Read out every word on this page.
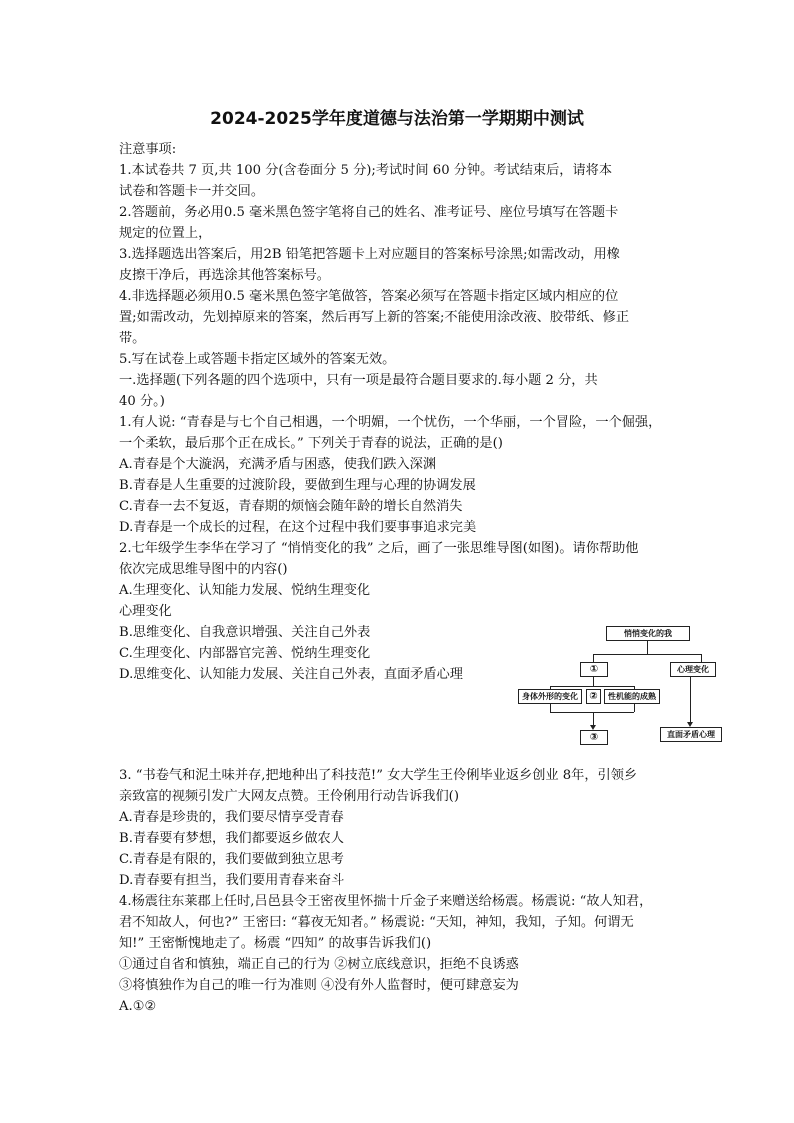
2024-2025学年度道德与法治第一学期期中测试
注意事项:
1.本试卷共 7 页,共 100 分(含卷面分 5 分);考试时间 60 分钟。考试结束后，请将本
试卷和答题卡一并交回。
2.答题前，务必用0.5 毫米黑色签字笔将自己的姓名、准考证号、座位号填写在答题卡
规定的位置上，
3.选择题选出答案后，用2B 铅笔把答题卡上对应题目的答案标号涂黑;如需改动，用橡
皮擦干净后，再选涂其他答案标号。
4.非选择题必须用0.5 毫米黑色签字笔做答，答案必须写在答题卡指定区域内相应的位
置;如需改动，先划掉原来的答案，然后再写上新的答案;不能使用涂改液、胶带纸、修正
带。
5.写在试卷上或答题卡指定区域外的答案无效。
一.选择题(下列各题的四个选项中，只有一项是最符合题目要求的.每小题 2 分，共
40 分。)
1.有人说: “青春是与七个自己相遇，一个明媚，一个忧伤，一个华丽，一个冒险，一个倔强，
一个柔软，最后那个正在成长。” 下列关于青春的说法，正确的是()
A.青春是个大漩涡，充满矛盾与困惑，使我们跌入深渊
B.青春是人生重要的过渡阶段，要做到生理与心理的协调发展
C.青春一去不复返，青春期的烦恼会随年龄的增长自然消失
D.青春是一个成长的过程，在这个过程中我们要事事追求完美
2.七年级学生李华在学习了 “悄悄变化的我” 之后，画了一张思维导图(如图)。请你帮助他
依次完成思维导图中的内容()
A.生理变化、认知能力发展、悦纳生理变化
心理变化
B.思维变化、自我意识增强、关注自己外表
C.生理变化、内部器官完善、悦纳生理变化
D.思维变化、认知能力发展、关注自己外表，直面矛盾心理
悄悄变化的我
①	心理变化
身体外形的变化	②	性机能的成熟
③	直面矛盾心理
3. “书卷气和泥土味并存,把地种出了科技范!” 女大学生王伶俐毕业返乡创业 8年，引领乡
亲致富的视频引发广大网友点赞。王伶俐用行动告诉我们()
A.青春是珍贵的，我们要尽情享受青春
B.青春要有梦想，我们都要返乡做农人
C.青春是有限的，我们要做到独立思考
D.青春要有担当，我们要用青春来奋斗
4.杨震往东莱郡上任时,吕邑县令王密夜里怀揣十斤金子来赠送给杨震。杨震说: “故人知君，
君不知故人，何也?” 王密曰: “暮夜无知者。” 杨震说: “天知，神知，我知，子知。何谓无
知!” 王密惭愧地走了。杨震 “四知” 的故事告诉我们()
①通过自省和慎独，端正自己的行为 ②树立底线意识，拒绝不良诱惑
③将慎独作为自己的唯一行为准则 ④没有外人监督时，便可肆意妄为
A.①②
